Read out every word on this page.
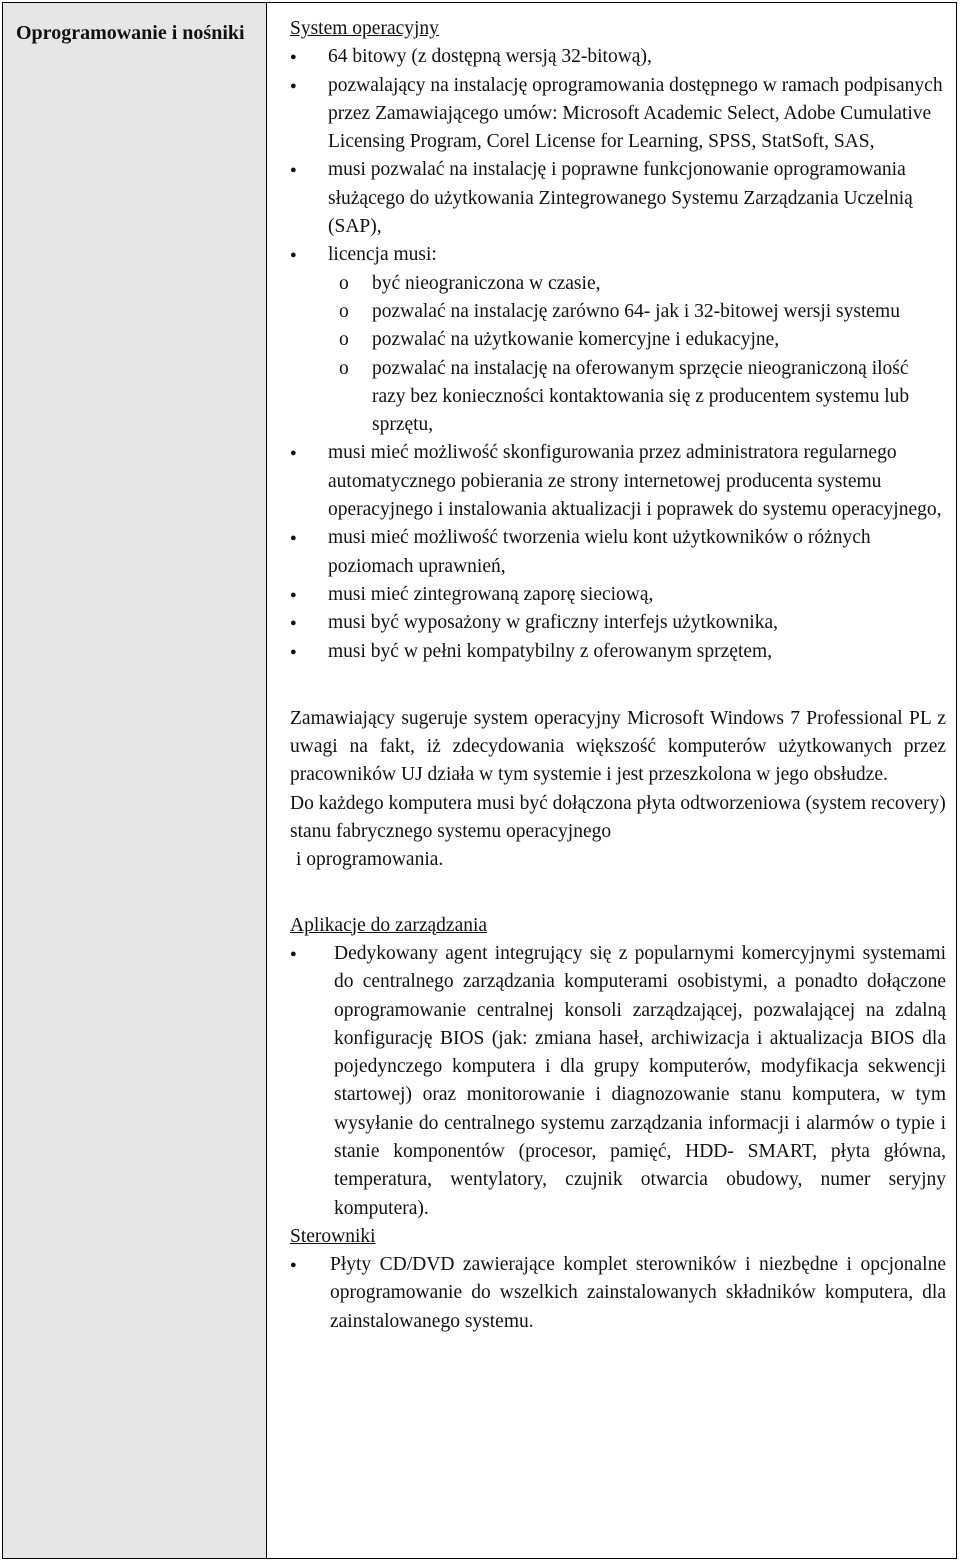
Oprogramowanie i nośniki	System operacyjny
● 64 bitowy (z dostępną wersją 32-bitową),
● pozwalający na instalację oprogramowania dostępnego w ramach podpisanych przez Zamawiającego umów: Microsoft Academic Select, Adobe Cumulative Licensing Program, Corel License for Learning, SPSS, StatSoft, SAS,
● musi pozwalać na instalację i poprawne funkcjonowanie oprogramowania służącego do użytkowania Zintegrowanego Systemu Zarządzania Uczelnią (SAP),
● licencja musi:
o być nieograniczona w czasie,
o pozwalać na instalację zarówno 64- jak i 32-bitowej wersji systemu
o pozwalać na użytkowanie komercyjne i edukacyjne,
o pozwalać na instalację na oferowanym sprzęcie nieograniczoną ilość razy bez konieczności kontaktowania się z producentem systemu lub sprzętu,
● musi mieć możliwość skonfigurowania przez administratora regularnego automatycznego pobierania ze strony internetowej producenta systemu operacyjnego i instalowania aktualizacji i poprawek do systemu operacyjnego,
● musi mieć możliwość tworzenia wielu kont użytkowników o różnych poziomach uprawnień,
● musi mieć zintegrowaną zaporę sieciową,
● musi być wyposażony w graficzny interfejs użytkownika,
● musi być w pełni kompatybilny z oferowanym sprzętem,

Zamawiający sugeruje system operacyjny Microsoft Windows 7 Professional PL z uwagi na fakt, iż zdecydowania większość komputerów użytkowanych przez pracowników UJ działa w tym systemie i jest przeszkolona w jego obsłudze.

Do każdego komputera musi być dołączona płyta odtworzeniowa (system recovery) stanu fabrycznego systemu operacyjnego

i oprogramowania.

Aplikacje do zarządzania
● Dedykowany agent integrujący się z popularnymi komercyjnymi systemami do centralnego zarządzania komputerami osobistymi, a ponadto dołączone oprogramowanie centralnej konsoli zarządzającej, pozwalającej na zdalną konfigurację BIOS (jak: zmiana haseł, archiwizacja i aktualizacja BIOS dla pojedynczego komputera i dla grupy komputerów, modyfikacja sekwencji startowej) oraz monitorowanie i diagnozowanie stanu komputera, w tym wysyłanie do centralnego systemu zarządzania informacji i alarmów o typie i stanie komponentów (procesor, pamięć, HDD- SMART, płyta główna, temperatura, wentylatory, czujnik otwarcia obudowy, numer seryjny komputera).
Sterowniki
● Płyty CD/DVD zawierające komplet sterowników i niezbędne i opcjonalne oprogramowanie do wszelkich zainstalowanych składników komputera, dla zainstalowanego systemu.
